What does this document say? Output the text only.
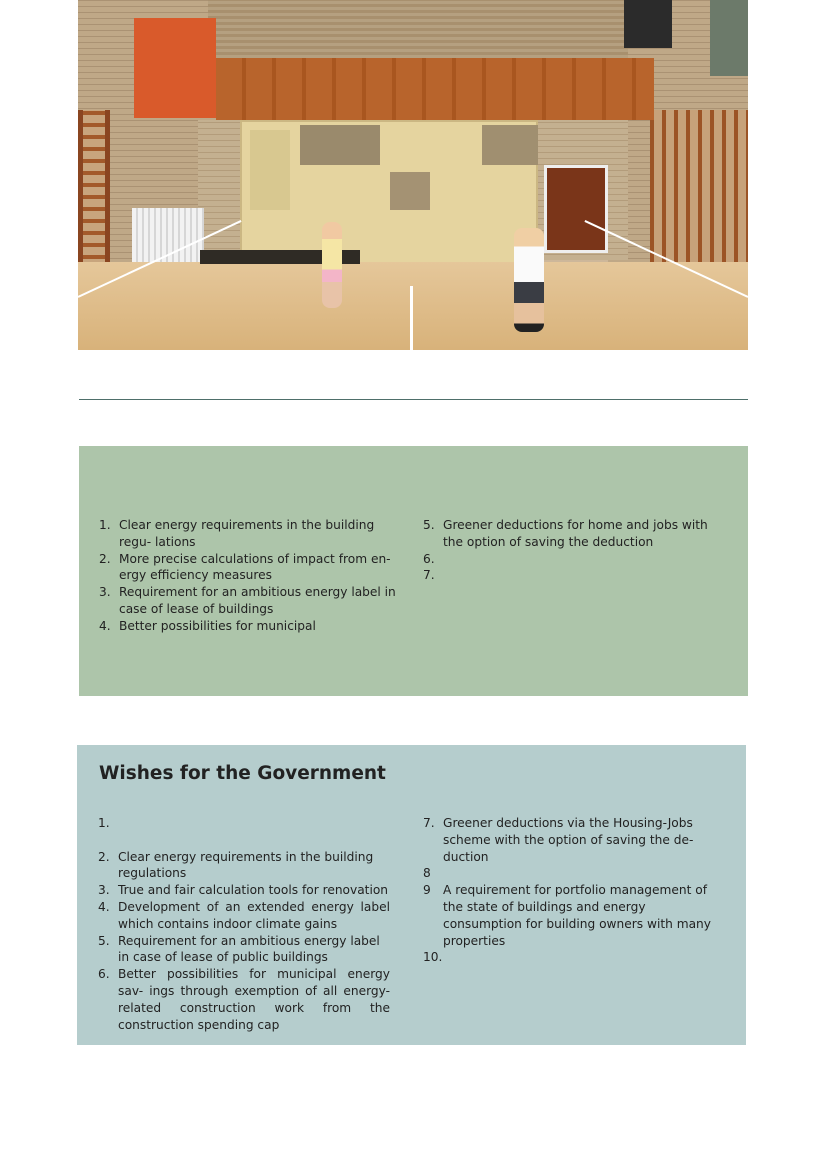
1. Clear energy requirements in the building regu- lations
2. More precise calculations of impact from en- ergy efficiency measures
3. Requirement for an ambitious energy label in case of lease of buildings
4. Better possibilities for municipal
5. Greener deductions for home and jobs with the option of saving the deduction
6.
7.
Wishes for the Government
1.
2. Clear energy requirements in the building regulations
3. True and fair calculation tools for renovation
4. Development of an extended energy label which contains indoor climate gains
5. Requirement for an ambitious energy label in case of lease of public buildings
6. Better possibilities for municipal energy sav- ings through exemption of all energy-related construction work from the construction spending cap
7. Greener deductions via the Housing-Jobs scheme with the option of saving the de- duction
8
9 A requirement for portfolio management of the state of buildings and energy consumption for building owners with many properties
10.
